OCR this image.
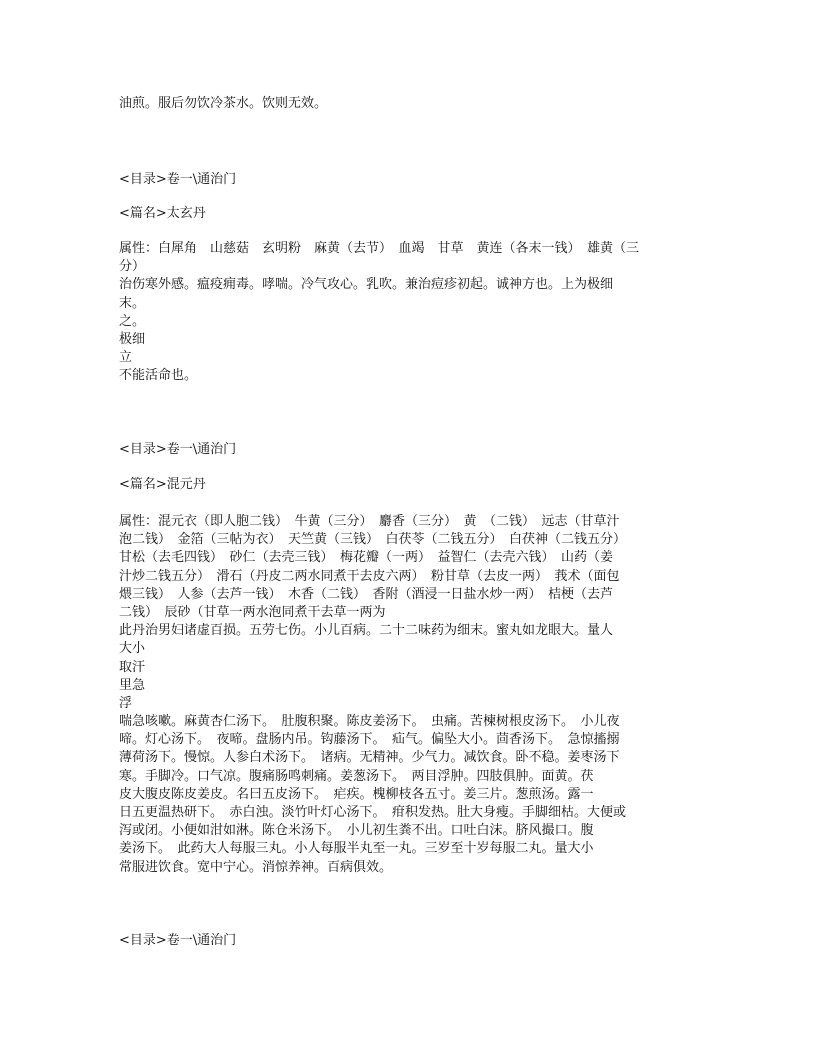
油煎。服后勿饮冷茶水。饮则无效。
<目录>卷一\通治门
<篇名>太玄丹
属性：白犀角　山慈菇　玄明粉　麻黄（去节）　血竭　甘草　黄连（各末一钱）　雄黄（三
分）
治伤寒外感。瘟疫痈毒。哮喘。冷气攻心。乳吹。兼治痘疹初起。诚神方也。上为极细
末。
之。
极细
立
不能活命也。
<目录>卷一\通治门
<篇名>混元丹
属性：混元衣（即人胞二钱）　牛黄（三分）　麝香（三分）　黄　（二钱）　远志（甘草汁
泡二钱）　金箔（三帖为衣）　天竺黄（三钱）　白茯苓（二钱五分）　白茯神（二钱五分）
甘松（去毛四钱）　砂仁（去壳三钱）　梅花瓣（一两）　益智仁（去壳六钱）　山药（姜
汁炒二钱五分）　滑石（丹皮二两水同煮干去皮六两）　粉甘草（去皮一两）　莪术（面包
煨三钱）　人参（去芦一钱）　木香（二钱）　香附（酒浸一日盐水炒一两）　桔梗（去芦
二钱）　辰砂（甘草一两水泡同煮干去草一两为
此丹治男妇诸虚百损。五劳七伤。小儿百病。二十二味药为细末。蜜丸如龙眼大。量人
大小
取汗
里急
浮
喘急咳嗽。麻黄杏仁汤下。　肚腹积聚。陈皮姜汤下。　虫痛。苦楝树根皮汤下。　小儿夜
啼。灯心汤下。　夜啼。盘肠内吊。钩藤汤下。　疝气。偏坠大小。茴香汤下。　急惊搐搦
薄荷汤下。慢惊。人参白术汤下。　诸病。无精神。少气力。减饮食。卧不稳。姜枣汤下
寒。手脚冷。口气凉。腹痛肠鸣刺痛。姜葱汤下。　两目浮肿。四肢俱肿。面黄。茯
皮大腹皮陈皮姜皮。名曰五皮汤下。　疟疾。槐柳枝各五寸。姜三片。葱煎汤。露一
日五更温热研下。　赤白浊。淡竹叶灯心汤下。　疳积发热。肚大身瘦。手脚细枯。大便或
泻或闭。小便如泔如淋。陈仓米汤下。　小儿初生粪不出。口吐白沫。脐风撮口。腹
姜汤下。　此药大人每服三丸。小人每服半丸至一丸。三岁至十岁每服二丸。量大小
常服进饮食。宽中宁心。消惊养神。百病俱效。
<目录>卷一\通治门
